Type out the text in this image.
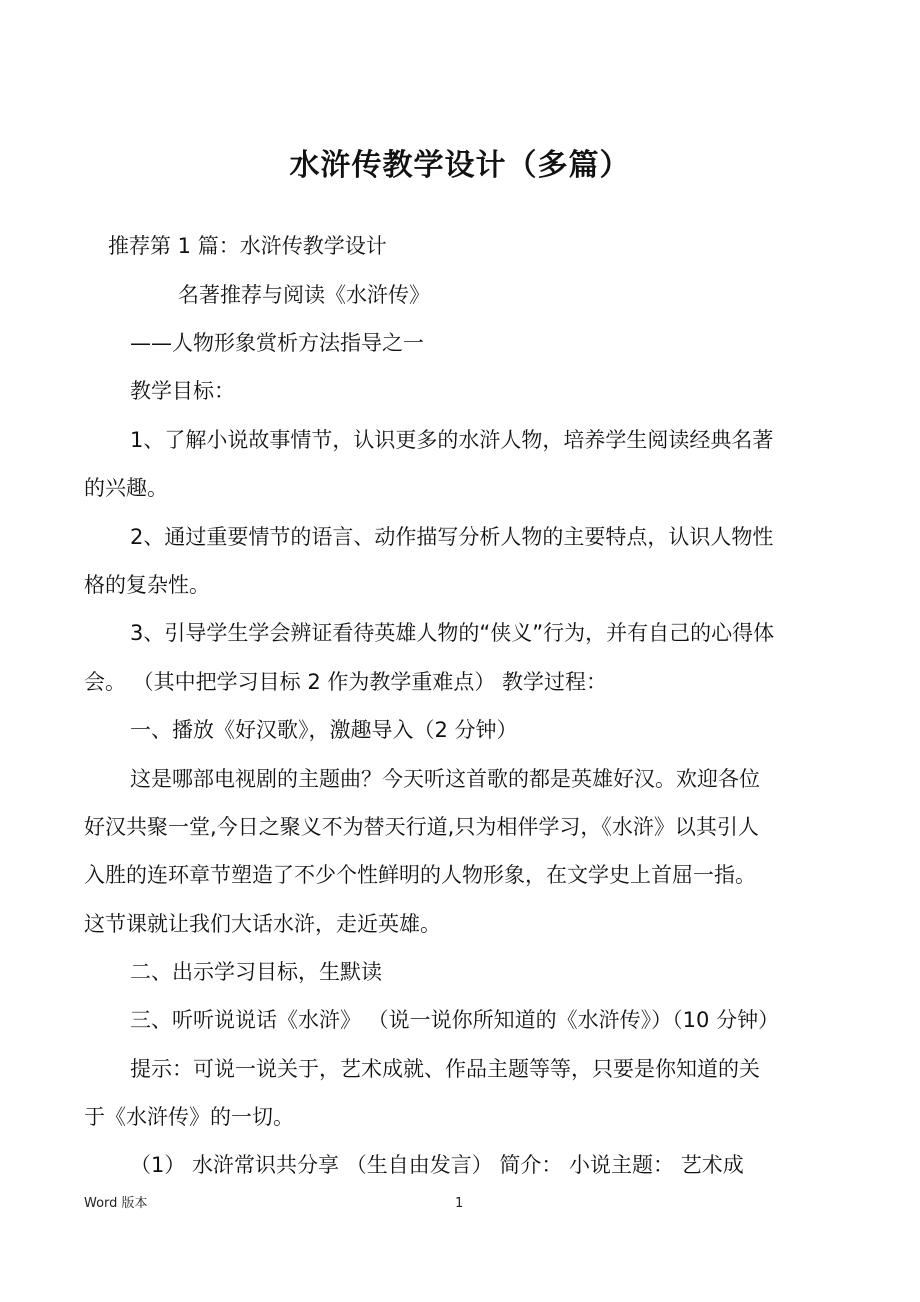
水浒传教学设计（多篇）
推荐第 1 篇：水浒传教学设计
名著推荐与阅读《水浒传》
——人物形象赏析方法指导之一
教学目标：
1、了解小说故事情节，认识更多的水浒人物，培养学生阅读经典名著
的兴趣。
2、通过重要情节的语言、动作描写分析人物的主要特点，认识人物性
格的复杂性。
3、引导学生学会辨证看待英雄人物的“侠义”行为，并有自己的心得体
会。 （其中把学习目标 2 作为教学重难点） 教学过程：
一、播放《好汉歌》，激趣导入（2 分钟）
这是哪部电视剧的主题曲？今天听这首歌的都是英雄好汉。欢迎各位
好汉共聚一堂,今日之聚义不为替天行道,只为相伴学习，《水浒》以其引人
入胜的连环章节塑造了不少个性鲜明的人物形象，在文学史上首屈一指。
这节课就让我们大话水浒，走近英雄。
二、出示学习目标，生默读
三、听听说说话《水浒》 （说一说你所知道的《水浒传》）（10 分钟）
提示：可说一说关于，艺术成就、作品主题等等，只要是你知道的关
于《水浒传》的一切。
（1） 水浒常识共分享 （生自由发言） 简介： 小说主题： 艺术成
Word 版本	1
